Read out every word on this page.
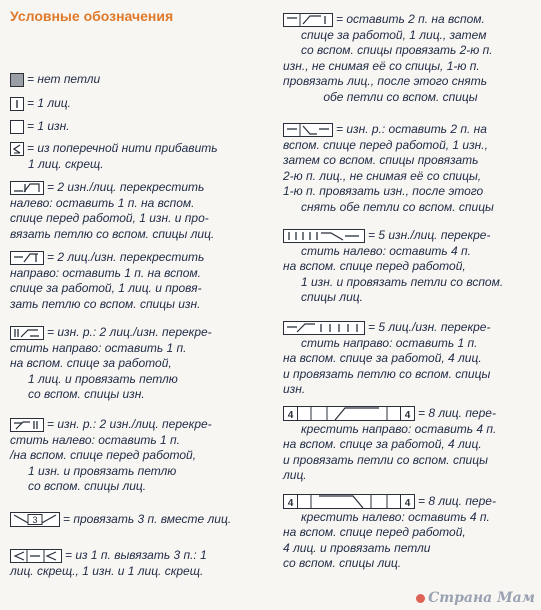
Условные обозначения
= нет петли
= 1 лиц.
= 1 изн.
= из поперечной нити прибавить
1 лиц. скрещ.
= 2 изн./лиц. перекрестить
налево: оставить 1 п. на вспом.
спице перед работой, 1 изн. и про-
вязать петлю со вспом. спицы лиц.
= 2 лиц./изн. перекрестить
направо: оставить 1 п. на вспом.
спице за работой, 1 лиц. и провя-
зать петлю со вспом. спицы изн.
= изн. р.: 2 лиц./изн. перекре-
стить направо: оставить 1 п.
на вспом. спице за работой,
1 лиц. и провязать петлю
со вспом. спицы изн.
= изн. р.: 2 изн./лиц. перекре-
стить налево: оставить 1 п.
/на вспом. спице перед работой,
1 изн. и провязать петлю
со вспом. спицы лиц.
3 = провязать 3 п. вместе лиц.
= из 1 п. вывязать 3 п.: 1
лиц. скрещ., 1 изн. и 1 лиц. скрещ.
= оставить 2 п. на вспом.
спице за работой, 1 лиц., затем
со вспом. спицы провязать 2-ю п.
изн., не снимая её со спицы, 1-ю п.
провязать лиц., после этого снять
обе петли со вспом. спицы
= изн. р.: оставить 2 п. на
вспом. спице перед работой, 1 изн.,
затем со вспом. спицы провязать
2-ю п. лиц., не снимая её со спицы,
1-ю п. провязать изн., после этого
снять обе петли со вспом. спицы
= 5 изн./лиц. перекре-
стить налево: оставить 4 п.
на вспом. спице перед работой,
1 изн. и провязать петли со вспом.
спицы лиц.
= 5 лиц./изн. перекре-
стить направо: оставить 1 п.
на вспом. спице за работой, 4 лиц.
и провязать петлю со вспом. спицы
изн.
4	4 = 8 лиц. пере-
крестить направо: оставить 4 п.
на вспом. спице за работой, 4 лиц.
и провязать петли со вспом. спицы
лиц.
4	4 = 8 лиц. пере-
крестить налево: оставить 4 п.
на вспом. спице перед работой,
4 лиц. и провязать петли
со вспом. спицы лиц.
Страна Мам
